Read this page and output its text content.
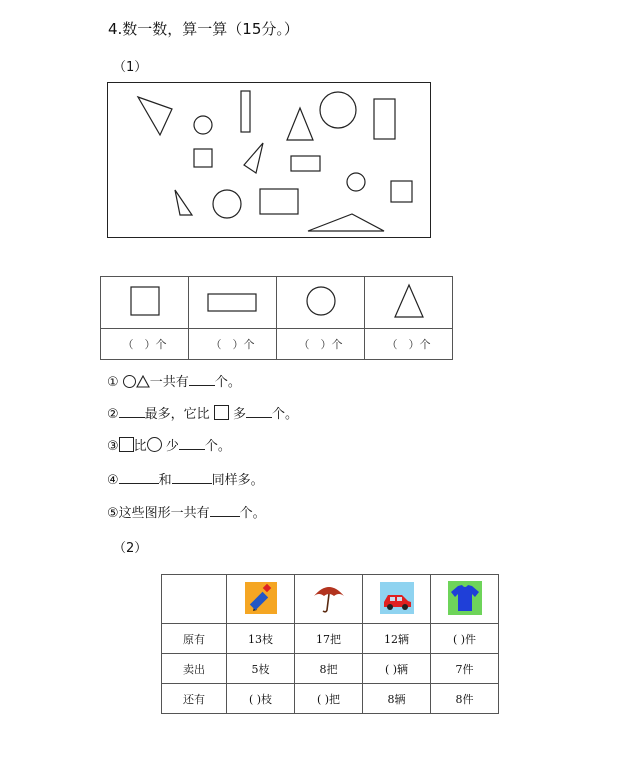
4.数一数，算一算（15分。）
（1）

（　）个	（　）个	（　）个	（　）个
① 一共有 个。
② 最多，它比 多 个。
③ 比 少 个。
④	和	同样多。
⑤这些图形一共有 个。
（2）

原有	13枝	17把	12辆	( )件
卖出	5枝	8把	( )辆	7件
还有	( )枝	( )把	8辆	8件
